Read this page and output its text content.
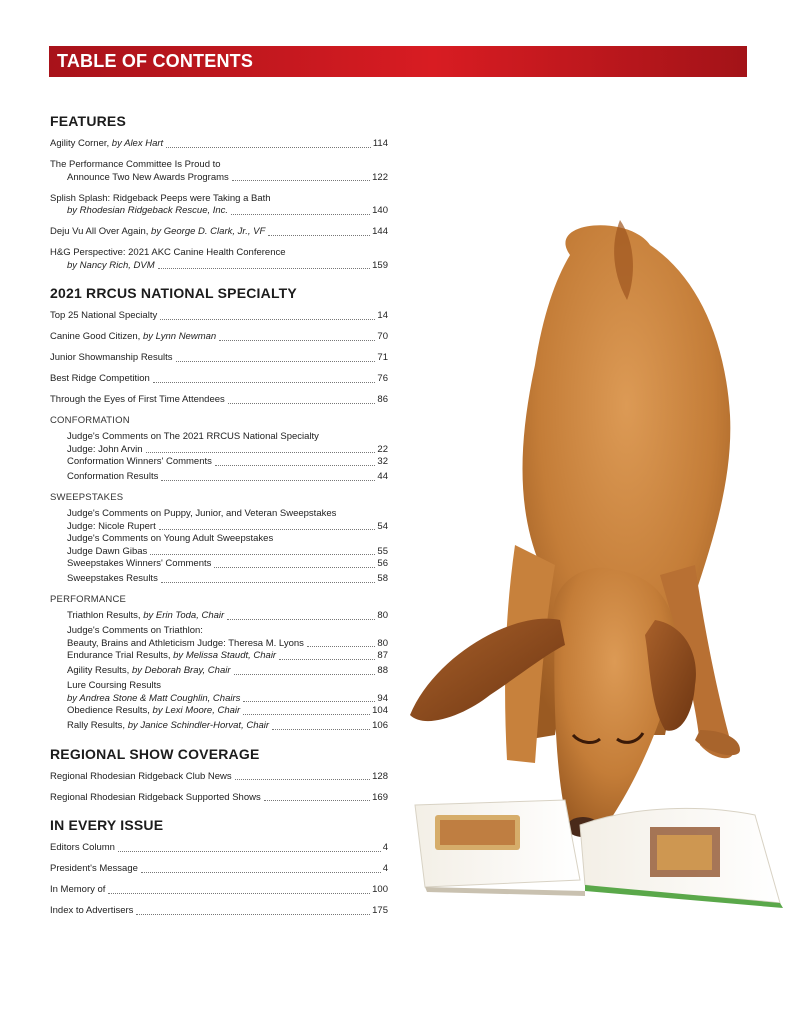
TABLE OF CONTENTS
FEATURES
Agility Corner, by Alex Hart	114
The Performance Committee Is Proud to
Announce Two New Awards Programs	122
Splish Splash: Ridgeback Peeps were Taking a Bath
by Rhodesian Ridgeback Rescue, Inc.	140
Deju Vu All Over Again, by George D. Clark, Jr., VF	144
H&G Perspective: 2021 AKC Canine Health Conference
by Nancy Rich, DVM	159
2021 RRCUS NATIONAL SPECIALTY
Top 25 National Specialty	14
Canine Good Citizen, by Lynn Newman	70
Junior Showmanship Results	71
Best Ridge Competition	76
Through the Eyes of First Time Attendees	86
CONFORMATION
Judge's Comments on The 2021 RRCUS National Specialty
Judge: John Arvin	22
Conformation Winners' Comments	32
Conformation Results	44
SWEEPSTAKES
Judge's Comments on Puppy, Junior, and Veteran Sweepstakes
Judge: Nicole Rupert	54
Judge's Comments on Young Adult Sweepstakes
Judge Dawn Gibas	55
Sweepstakes Winners' Comments	56
Sweepstakes Results	58
PERFORMANCE
Triathlon Results, by Erin Toda, Chair	80
Judge's Comments on Triathlon:
Beauty, Brains and Athleticism Judge: Theresa M. Lyons	80
Endurance Trial Results, by Melissa Staudt, Chair	87
Agility Results, by Deborah Bray, Chair	88
Lure Coursing Results
by Andrea Stone & Matt Coughlin, Chairs	94
Obedience Results, by Lexi Moore, Chair	104
Rally Results, by Janice Schindler-Horvat, Chair	106
REGIONAL SHOW COVERAGE
Regional Rhodesian Ridgeback Club News	128
Regional Rhodesian Ridgeback Supported Shows	169
IN EVERY ISSUE
Editors Column	4
President's Message	4
In Memory of	100
Index to Advertisers	175
